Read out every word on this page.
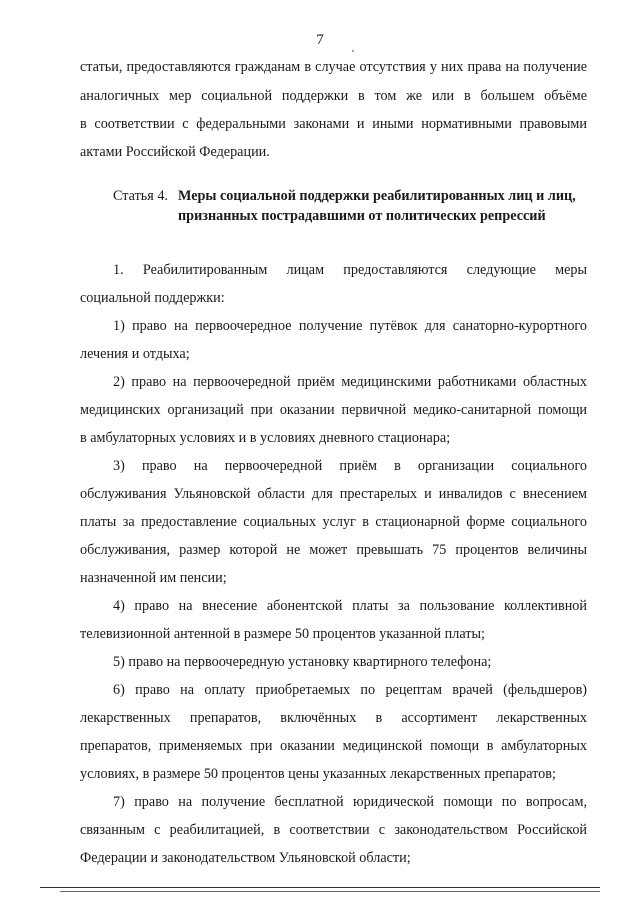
7
статьи, предоставляются гражданам в случае отсутствия у них права на получение
аналогичных мер социальной поддержки в том же или в большем объёме
в соответствии с федеральными законами и иными нормативными правовыми
актами Российской Федерации.
Статья 4. Меры социальной поддержки реабилитированных лиц и лиц,
признанных пострадавшими от политических репрессий
1. Реабилитированным лицам предоставляются следующие меры
социальной поддержки:
1) право на первоочередное получение путёвок для санаторно-курортного
лечения и отдыха;
2) право на первоочередной приём медицинскими работниками областных
медицинских организаций при оказании первичной медико-санитарной помощи
в амбулаторных условиях и в условиях дневного стационара;
3) право на первоочередной приём в организации социального
обслуживания Ульяновской области для престарелых и инвалидов с внесением
платы за предоставление социальных услуг в стационарной форме социального
обслуживания, размер которой не может превышать 75 процентов величины
назначенной им пенсии;
4) право на внесение абонентской платы за пользование коллективной
телевизионной антенной в размере 50 процентов указанной платы;
5) право на первоочередную установку квартирного телефона;
6) право на оплату приобретаемых по рецептам врачей (фельдшеров)
лекарственных препаратов, включённых в ассортимент лекарственных
препаратов, применяемых при оказании медицинской помощи в амбулаторных
условиях, в размере 50 процентов цены указанных лекарственных препаратов;
7) право на получение бесплатной юридической помощи по вопросам,
связанным с реабилитацией, в соответствии с законодательством Российской
Федерации и законодательством Ульяновской области;
